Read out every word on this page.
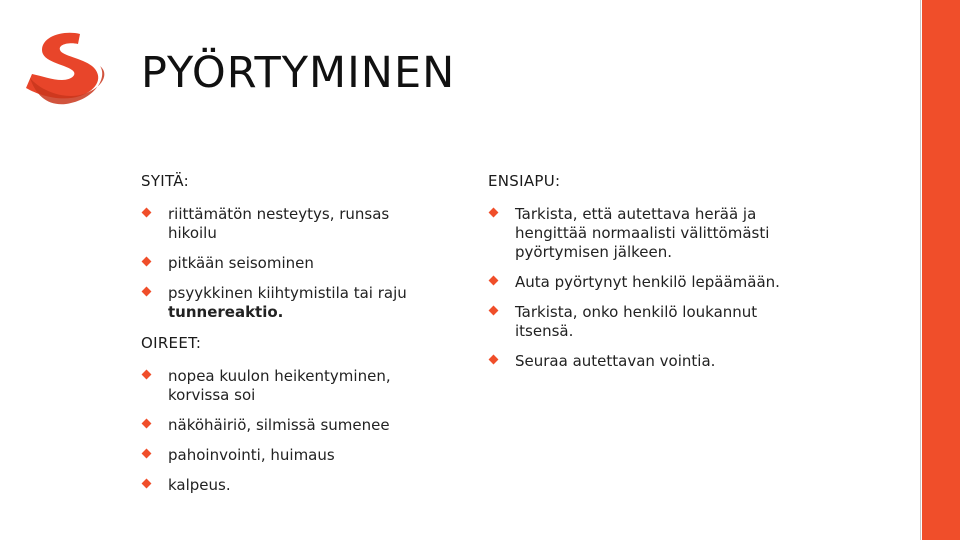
PYÖRTYMINEN
SYITÄ:
riittämätön nesteytys, runsas hikoilu
pitkään seisominen
psyykkinen kiihtymistila tai raju tunnereaktio.
OIREET:
nopea kuulon heikentyminen, korvissa soi
näköhäiriö, silmissä sumenee
pahoinvointi, huimaus
kalpeus.
ENSIAPU:
Tarkista, että autettava herää ja hengittää normaalisti välittömästi pyörtymisen jälkeen.
Auta pyörtynyt henkilö lepäämään.
Tarkista, onko henkilö loukannut itsensä.
Seuraa autettavan vointia.
